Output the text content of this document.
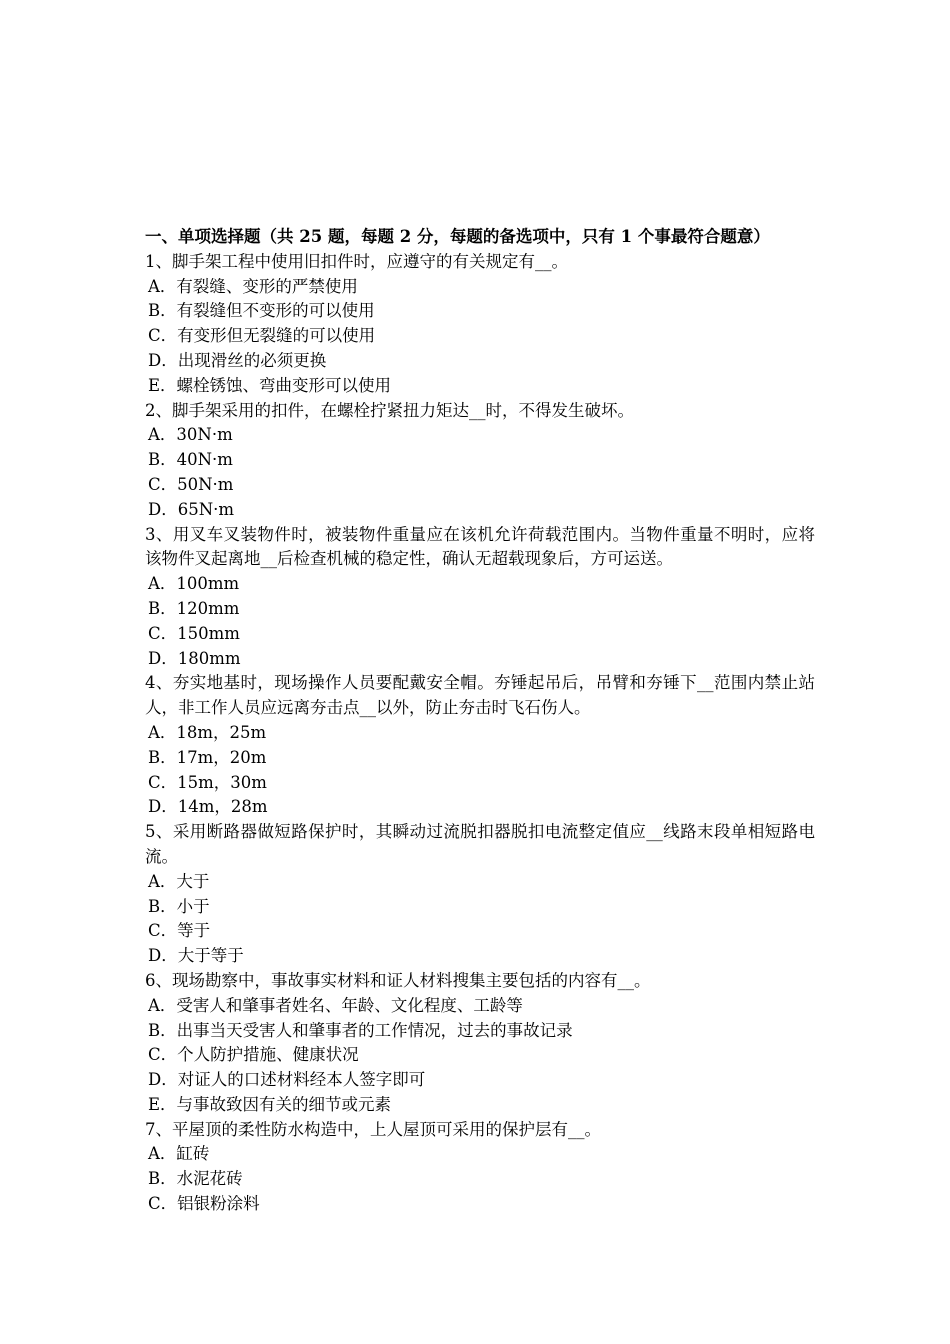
一、单项选择题（共 25 题，每题 2 分，每题的备选项中，只有 1 个事最符合题意）
1、脚手架工程中使用旧扣件时，应遵守的有关规定有__。
A．有裂缝、变形的严禁使用
B．有裂缝但不变形的可以使用
C．有变形但无裂缝的可以使用
D．出现滑丝的必须更换
E．螺栓锈蚀、弯曲变形可以使用
2、脚手架采用的扣件，在螺栓拧紧扭力矩达__时，不得发生破坏。
A．30N·m
B．40N·m
C．50N·m
D．65N·m
3、用叉车叉装物件时，被装物件重量应在该机允许荷载范围内。当物件重量不明时，应将该物件叉起离地__后检查机械的稳定性，确认无超载现象后，方可运送。
A．100mm
B．120mm
C．150mm
D．180mm
4、夯实地基时，现场操作人员要配戴安全帽。夯锤起吊后，吊臂和夯锤下__范围内禁止站人，非工作人员应远离夯击点__以外，防止夯击时飞石伤人。
A．18m，25m
B．17m，20m
C．15m，30m
D．14m，28m
5、采用断路器做短路保护时，其瞬动过流脱扣器脱扣电流整定值应__线路末段单相短路电流。
A．大于
B．小于
C．等于
D．大于等于
6、现场勘察中，事故事实材料和证人材料搜集主要包括的内容有__。
A．受害人和肇事者姓名、年龄、文化程度、工龄等
B．出事当天受害人和肇事者的工作情况，过去的事故记录
C．个人防护措施、健康状况
D．对证人的口述材料经本人签字即可
E．与事故致因有关的细节或元素
7、平屋顶的柔性防水构造中，上人屋顶可采用的保护层有__。
A．缸砖
B．水泥花砖
C．铝银粉涂料
